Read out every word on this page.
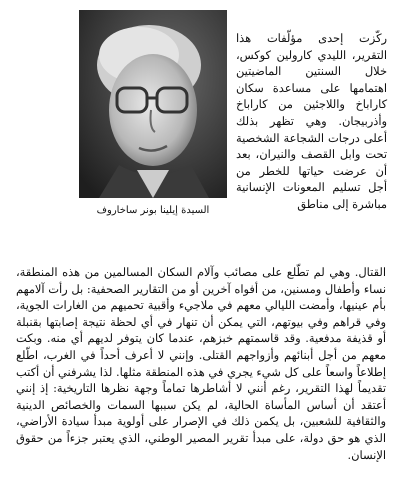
السيدة إيلينا بونر ساخاروف

ركّزت إحدى مؤلّفات هذا التقرير، الليدي كارولين كوكس، خلال السنتين الماضيتين اهتمامها على مساعدة سكان كاراباخ واللاجئين من كاراباخ وأذربيجان. وهي تظهر بذلك أعلى درجات الشجاعة الشخصية تحت وابل القصف والنيران، بعد أن عرضت حياتها للخطر من أجل تسليم المعونات الإنسانية مباشرة إلى مناطق

القتال. وهي لم تطّلع على مصائب وآلام السكان المسالمين من هذه المنطقة، نساء وأطفال ومسنين، من أفواه آخرين أو من التقارير الصحفية: بل رأت آلامهم بأم عينيها، وأمضت الليالي معهم في ملاجيء وأقبية تحميهم من الغارات الجوية، وفي قراهم وفي بيوتهم، التي يمكن أن تنهار في أي لحظة نتيجة إصابتها بقنبلة أو قذيفة مدفعية. وقد قاسمتهم خبزهم، عندما كان يتوفر لديهم أي منه. وبكت معهم من أجل أبنائهم وأزواجهم القتلى. وإنني لا أعرف أحداً في الغرب، اطّلع إطلاعاً واسعاً على كل شيء يجري في هذه المنطقة مثلها. لذا يشرفني أن أكتب تقديماً لهذا التقرير، رغم أنني لا أشاطرها تماماً وجهة نظرها التاريخية: إذ إنني أعتقد أن أساس المأساة الحالية، لم يكن سببها السمات والخصائص الدينية والثقافية للشعبين، بل يكمن ذلك في الإصرار على أولوية مبدأ سيادة الأراضي، الذي هو حق دولة، على مبدأ تقرير المصير الوطني، الذي يعتبر جزءاً من حقوق الإنسان.
